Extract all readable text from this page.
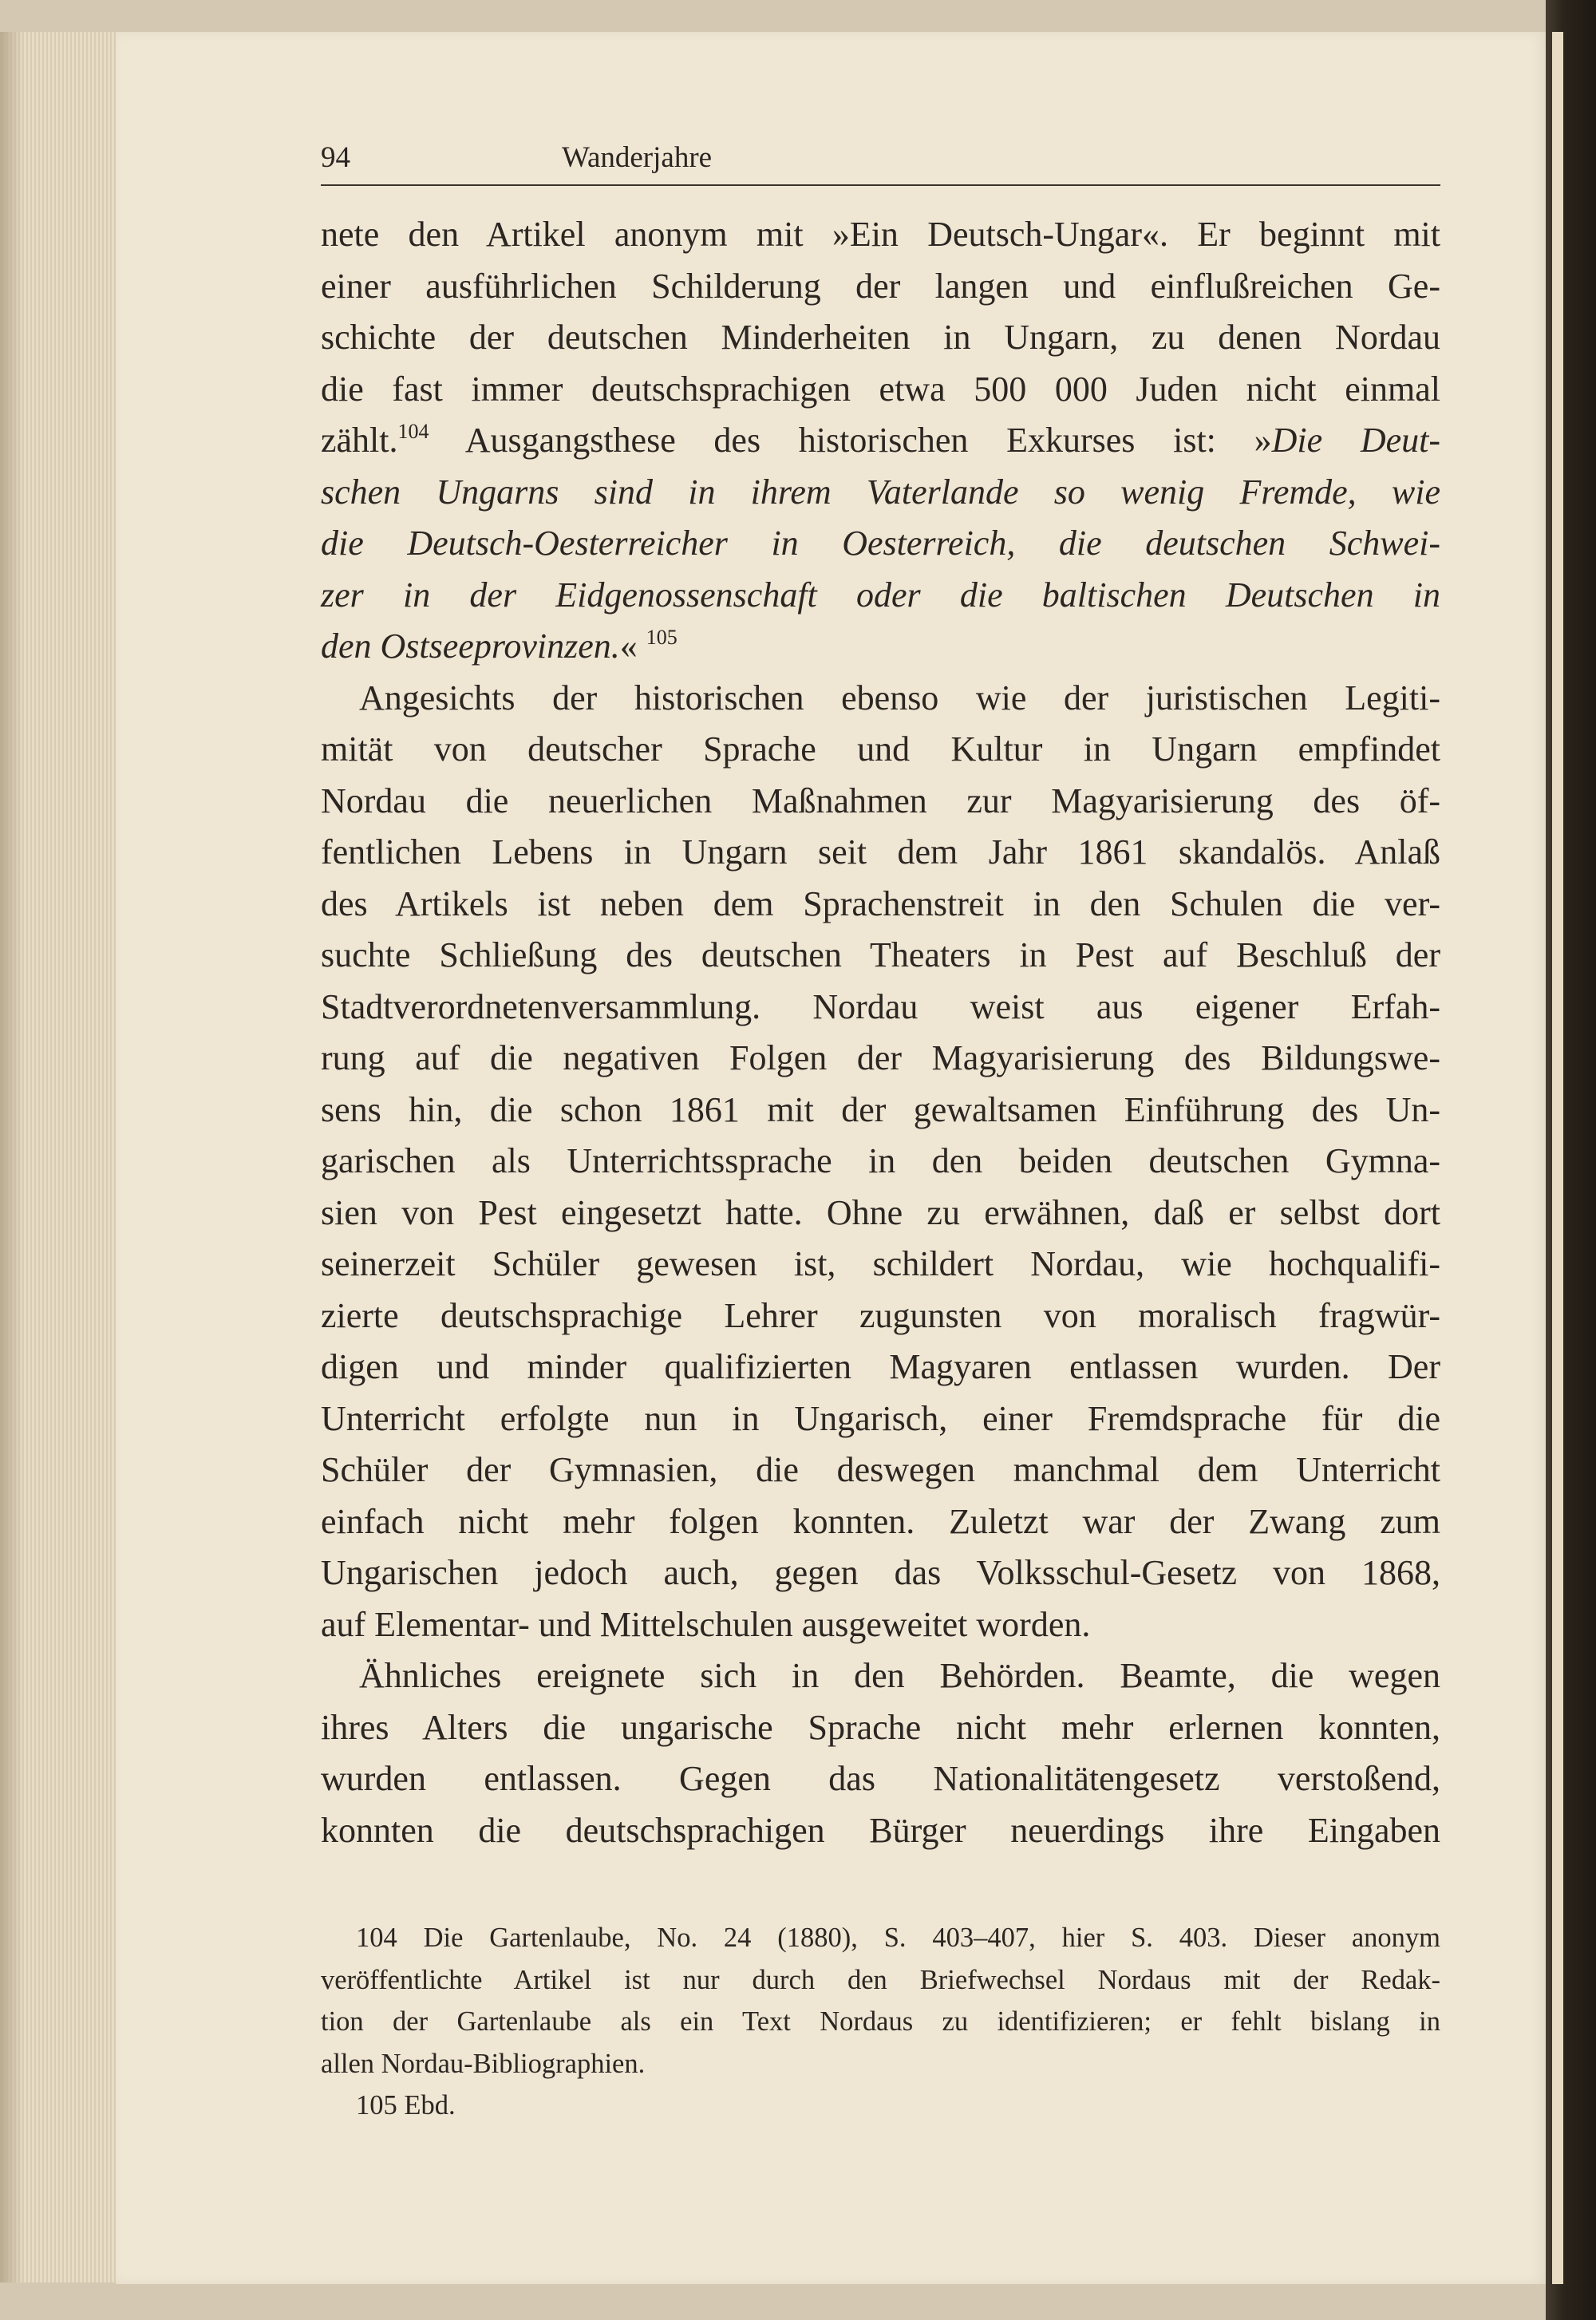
94	Wanderjahre
nete den Artikel anonym mit »Ein Deutsch-Ungar«. Er beginnt mit
einer ausführlichen Schilderung der langen und einflußreichen Ge-
schichte der deutschen Minderheiten in Ungarn, zu denen Nordau
die fast immer deutschsprachigen etwa 500 000 Juden nicht einmal
zählt.$^{104}$ Ausgangsthese des historischen Exkurses ist: »Die Deut-
schen Ungarns sind in ihrem Vaterlande so wenig Fremde, wie
die Deutsch-Oesterreicher in Oesterreich, die deutschen Schwei-
zer in der Eidgenossenschaft oder die baltischen Deutschen in
den Ostseeprovinzen.« $^{105}$
Angesichts der historischen ebenso wie der juristischen Legiti-
mität von deutscher Sprache und Kultur in Ungarn empfindet
Nordau die neuerlichen Maßnahmen zur Magyarisierung des öf-
fentlichen Lebens in Ungarn seit dem Jahr 1861 skandalös. Anlaß
des Artikels ist neben dem Sprachenstreit in den Schulen die ver-
suchte Schließung des deutschen Theaters in Pest auf Beschluß der
Stadtverordnetenversammlung. Nordau weist aus eigener Erfah-
rung auf die negativen Folgen der Magyarisierung des Bildungswe-
sens hin, die schon 1861 mit der gewaltsamen Einführung des Un-
garischen als Unterrichtssprache in den beiden deutschen Gymna-
sien von Pest eingesetzt hatte. Ohne zu erwähnen, daß er selbst dort
seinerzeit Schüler gewesen ist, schildert Nordau, wie hochqualifi-
zierte deutschsprachige Lehrer zugunsten von moralisch fragwür-
digen und minder qualifizierten Magyaren entlassen wurden. Der
Unterricht erfolgte nun in Ungarisch, einer Fremdsprache für die
Schüler der Gymnasien, die deswegen manchmal dem Unterricht
einfach nicht mehr folgen konnten. Zuletzt war der Zwang zum
Ungarischen jedoch auch, gegen das Volksschul-Gesetz von 1868,
auf Elementar- und Mittelschulen ausgeweitet worden.
Ähnliches ereignete sich in den Behörden. Beamte, die wegen
ihres Alters die ungarische Sprache nicht mehr erlernen konnten,
wurden entlassen. Gegen das Nationalitätengesetz verstoßend,
konnten die deutschsprachigen Bürger neuerdings ihre Eingaben
104 Die Gartenlaube, No. 24 (1880), S. 403–407, hier S. 403. Dieser anonym
veröffentlichte Artikel ist nur durch den Briefwechsel Nordaus mit der Redak-
tion der Gartenlaube als ein Text Nordaus zu identifizieren; er fehlt bislang in
allen Nordau-Bibliographien.
105 Ebd.
